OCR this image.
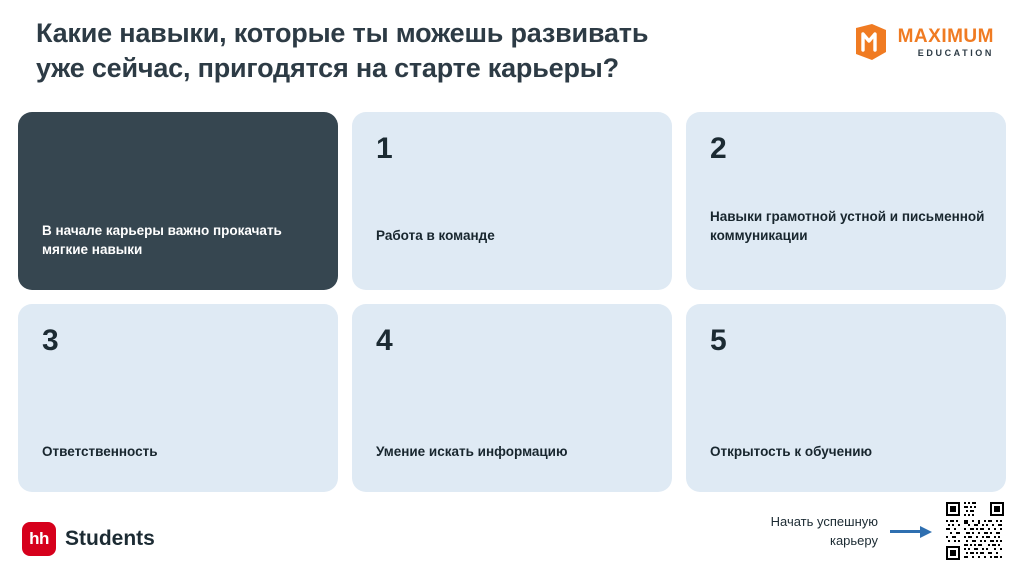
Какие навыки, которые ты можешь развивать уже сейчас, пригодятся на старте карьеры?
MAXIMUM
EDUCATION
В начале карьеры важно прокачать мягкие навыки
1
Работа в команде
2
Навыки грамотной устной и письменной коммуникации
3
Ответственность
4
Умение искать информацию
5
Открытость к обучению
hh Students
Начать успешную карьеру
